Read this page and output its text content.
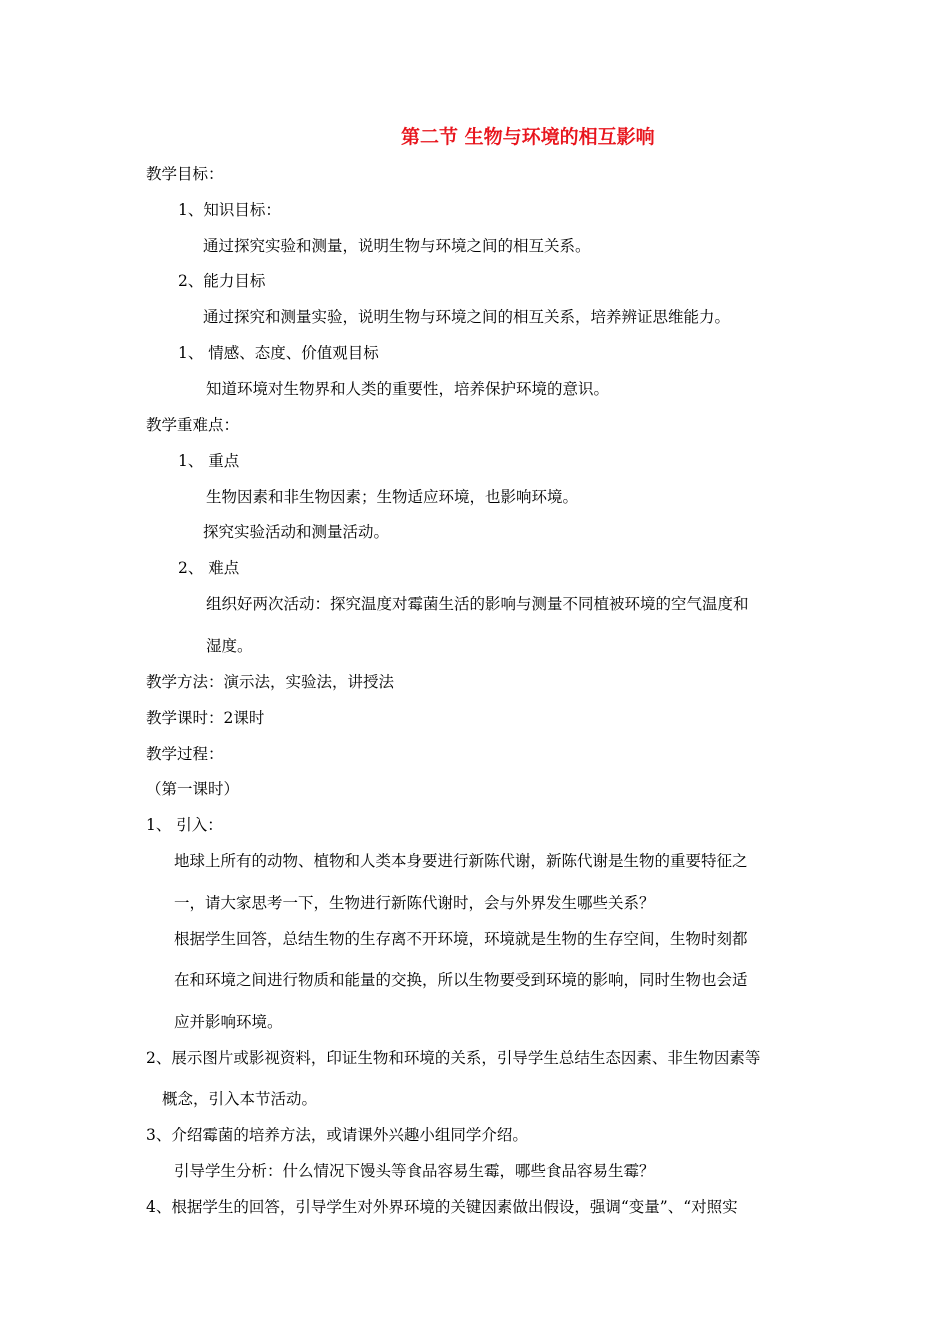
第二节 生物与环境的相互影响
教学目标：
1、知识目标：
通过探究实验和测量，说明生物与环境之间的相互关系。
2、能力目标
通过探究和测量实验，说明生物与环境之间的相互关系，培养辨证思维能力。
1、 情感、态度、价值观目标
知道环境对生物界和人类的重要性，培养保护环境的意识。
教学重难点：
1、 重点
生物因素和非生物因素；生物适应环境，也影响环境。
探究实验活动和测量活动。
2、 难点
组织好两次活动：探究温度对霉菌生活的影响与测量不同植被环境的空气温度和
湿度。
教学方法：演示法，实验法，讲授法
教学课时：2课时
教学过程：
（第一课时）
1、 引入：
地球上所有的动物、植物和人类本身要进行新陈代谢，新陈代谢是生物的重要特征之
一，请大家思考一下，生物进行新陈代谢时，会与外界发生哪些关系？
根据学生回答，总结生物的生存离不开环境，环境就是生物的生存空间，生物时刻都
在和环境之间进行物质和能量的交换，所以生物要受到环境的影响，同时生物也会适
应并影响环境。
2、展示图片或影视资料，印证生物和环境的关系，引导学生总结生态因素、非生物因素等
概念，引入本节活动。
3、介绍霉菌的培养方法，或请课外兴趣小组同学介绍。
引导学生分析：什么情况下馒头等食品容易生霉，哪些食品容易生霉？
4、根据学生的回答，引导学生对外界环境的关键因素做出假设，强调“变量”、“对照实
